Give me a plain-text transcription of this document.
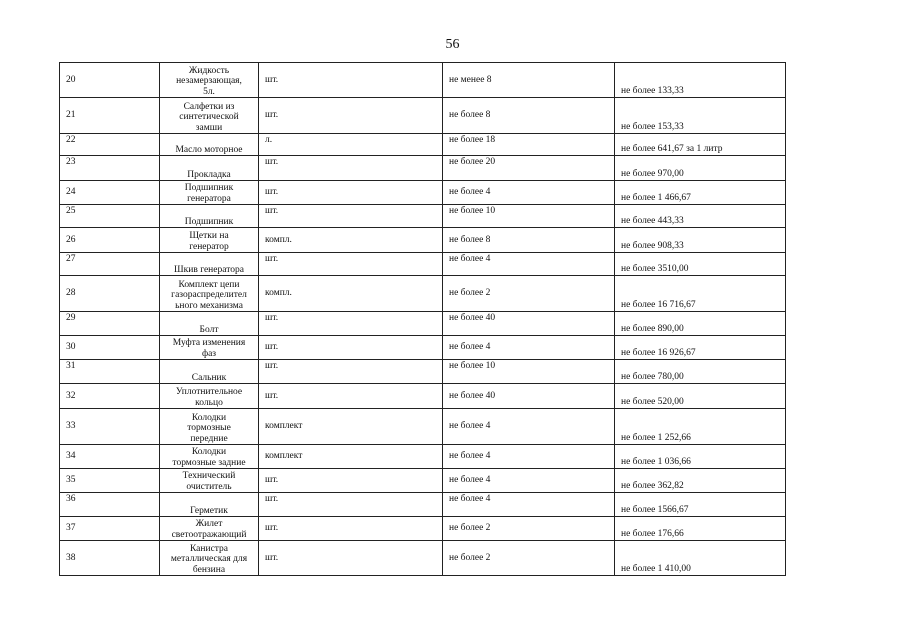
56
20	Жидкость
незамерзающая,
5л.	шт.	не менее 8	не более 133,33
21	Салфетки из
синтетической
замши	шт.	не более 8	не более 153,33
22	Масло моторное	л.	не более 18	не более 641,67 за 1 литр
23	Прокладка	шт.	не более 20	не более 970,00
24	Подшипник
генератора	шт.	не более 4	не более 1 466,67
25	Подшипник	шт.	не более 10	не более 443,33
26	Щетки на
генератор	компл.	не более 8	не более 908,33
27	Шкив генератора	шт.	не более 4	не более 3510,00
28	Комплект цепи
газораспределител
ьного механизма	компл.	не более 2	не более 16 716,67
29	Болт	шт.	не более 40	не более 890,00
30	Муфта изменения
фаз	шт.	не более 4	не более 16 926,67
31	Сальник	шт.	не более 10	не более 780,00
32	Уплотнительное
кольцо	шт.	не более 40	не более 520,00
33	Колодки
тормозные
передние	комплект	не более 4	не более 1 252,66
34	Колодки
тормозные задние	комплект	не более 4	не более 1 036,66
35	Технический
очиститель	шт.	не более 4	не более 362,82
36	Герметик	шт.	не более 4	не более 1566,67
37	Жилет
светоотражающий	шт.	не более 2	не более 176,66
38	Канистра
металлическая для
бензина	шт.	не более 2	не более 1 410,00
